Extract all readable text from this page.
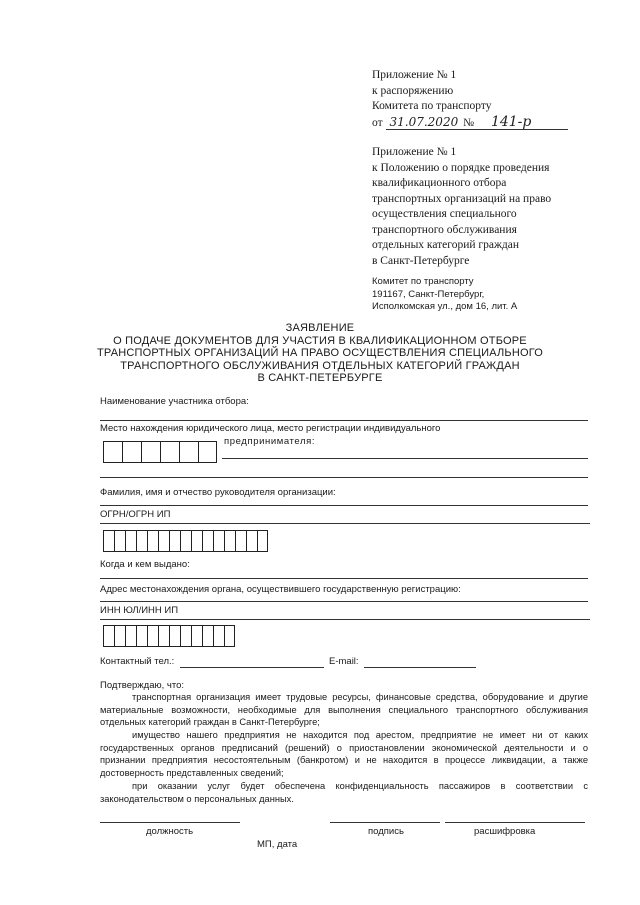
Приложение № 1
к распоряжению
Комитета по транспорту
от 31.07.2020 № 141-р
Приложение № 1
к Положению о порядке проведения
квалификационного отбора
транспортных организаций на право
осуществления специального
транспортного обслуживания
отдельных категорий граждан
в Санкт-Петербурге
Комитет по транспорту
191167, Санкт-Петербург,
Исполкомская ул., дом 16, лит. А
ЗАЯВЛЕНИЕ
О ПОДАЧЕ ДОКУМЕНТОВ ДЛЯ УЧАСТИЯ В КВАЛИФИКАЦИОННОМ ОТБОРЕ
ТРАНСПОРТНЫХ ОРГАНИЗАЦИЙ НА ПРАВО ОСУЩЕСТВЛЕНИЯ СПЕЦИАЛЬНОГО
ТРАНСПОРТНОГО ОБСЛУЖИВАНИЯ ОТДЕЛЬНЫХ КАТЕГОРИЙ ГРАЖДАН
В САНКТ-ПЕТЕРБУРГЕ
Наименование участника отбора:
Место нахождения юридического лица, место регистрации индивидуального
предпринимателя:
Фамилия, имя и отчество руководителя организации:
ОГРН/ОГРН ИП
Когда и кем выдано:
Адрес местонахождения органа, осуществившего государственную регистрацию:
ИНН ЮЛ/ИНН ИП
Контактный тел.:	E-mail:
Подтверждаю, что:
транспортная организация имеет трудовые ресурсы, финансовые средства, оборудование и другие материальные возможности, необходимые для выполнения специального транспортного обслуживания отдельных категорий граждан в Санкт-Петербурге;
имущество нашего предприятия не находится под арестом, предприятие не имеет ни от каких государственных органов предписаний (решений) о приостановлении экономической деятельности и о признании предприятия несостоятельным (банкротом) и не находится в процессе ликвидации, а также достоверность представленных сведений;
при оказании услуг будет обеспечена конфиденциальность пассажиров в соответствии с законодательством о персональных данных.
должность	подпись	расшифровка
МП, дата
